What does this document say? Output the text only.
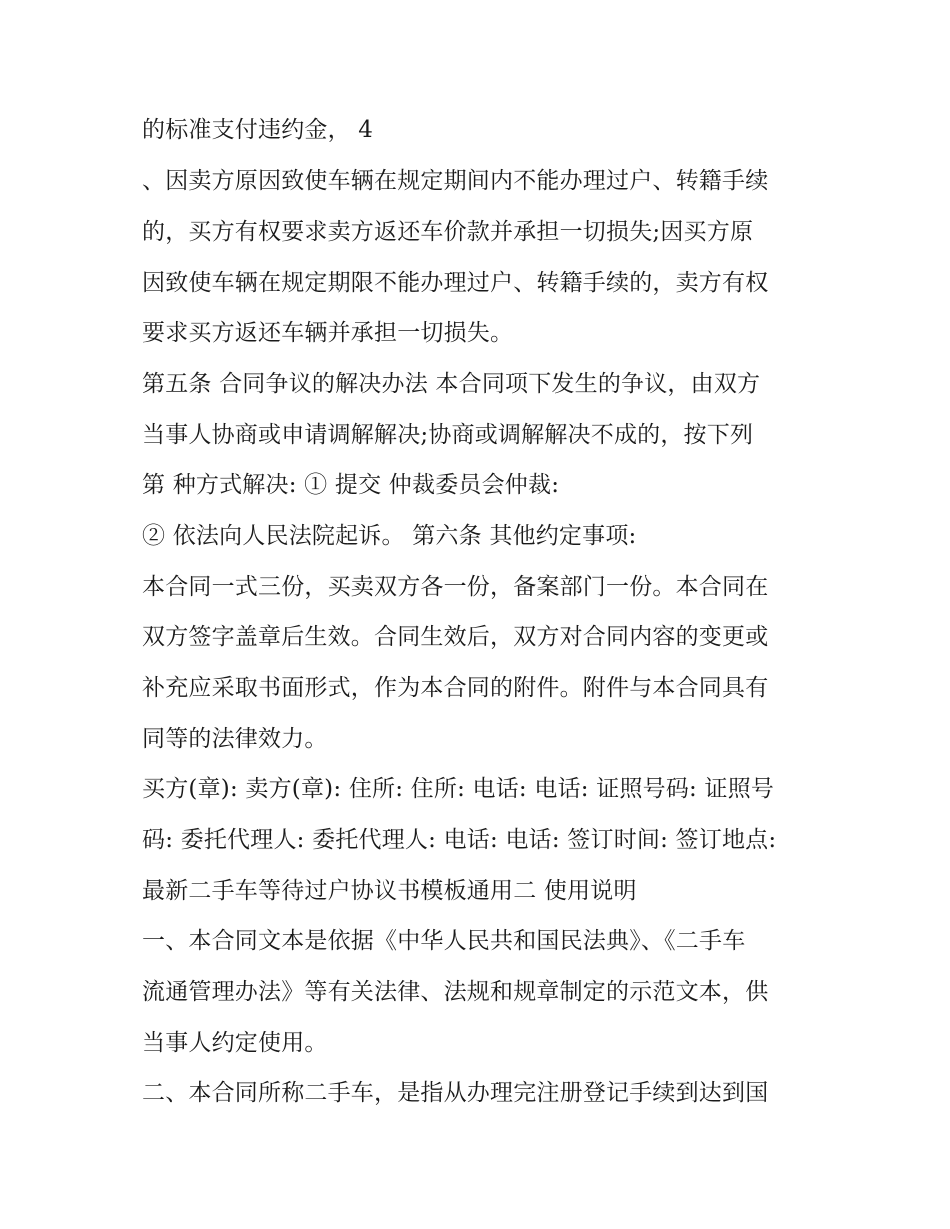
的标准支付违约金， 4
、因卖方原因致使车辆在规定期间内不能办理过户、转籍手续
的，买方有权要求卖方返还车价款并承担一切损失;因买方原
因致使车辆在规定期限不能办理过户、转籍手续的，卖方有权
要求买方返还车辆并承担一切损失。
第五条 合同争议的解决办法 本合同项下发生的争议，由双方
当事人协商或申请调解解决;协商或调解解决不成的，按下列
第 种方式解决: ① 提交 仲裁委员会仲裁:
② 依法向人民法院起诉。 第六条 其他约定事项:
本合同一式三份，买卖双方各一份，备案部门一份。本合同在
双方签字盖章后生效。合同生效后，双方对合同内容的变更或
补充应采取书面形式，作为本合同的附件。附件与本合同具有
同等的法律效力。
买方(章): 卖方(章): 住所: 住所: 电话: 电话: 证照号码: 证照号
码: 委托代理人: 委托代理人: 电话: 电话: 签订时间: 签订地点:
最新二手车等待过户协议书模板通用二 使用说明
一、本合同文本是依据《中华人民共和国民法典》、《二手车
流通管理办法》等有关法律、法规和规章制定的示范文本，供
当事人约定使用。
二、本合同所称二手车，是指从办理完注册登记手续到达到国
